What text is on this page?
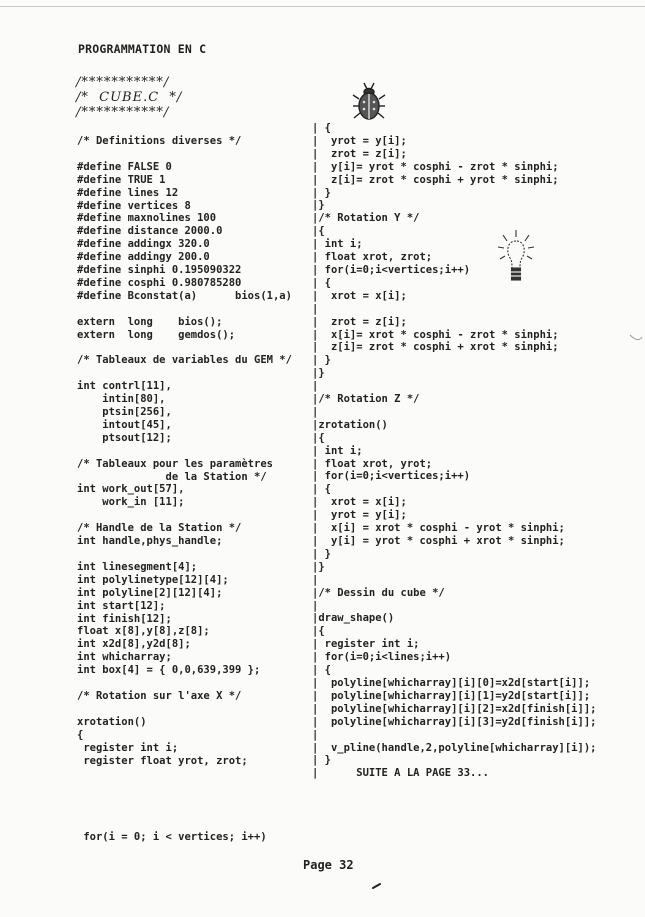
PROGRAMMATION EN C
/***********/
/*  CUBE.C  */
/***********/
/* Definitions diverses */

#define FALSE 0
#define TRUE 1
#define lines 12
#define vertices 8
#define maxnolines 100
#define distance 2000.0
#define addingx 320.0
#define addingy 200.0
#define sinphi 0.195090322
#define cosphi 0.980785280
#define Bconstat(a)      bios(1,a)

extern  long    bios();
extern  long    gemdos();

/* Tableaux de variables du GEM */

int contrl[11],
intin[80],
ptsin[256],
intout[45],
ptsout[12];

/* Tableaux pour les paramètres
de la Station */
int work_out[57],
work_in [11];

/* Handle de la Station */
int handle,phys_handle;

int linesegment[4];
int polylinetype[12][4];
int polyline[2][12][4];
int start[12];
int finish[12];
float x[8],y[8],z[8];
int x2d[8],y2d[8];
int whicharray;
int box[4] = { 0,0,639,399 };

/* Rotation sur l'axe X */

xrotation()
{
register int i;
register float yrot, zrot;
| {
|  yrot = y[i];
|  zrot = z[i];
|  y[i]= yrot * cosphi - zrot * sinphi;
|  z[i]= zrot * cosphi + yrot * sinphi;
| }
|}
|/* Rotation Y */
|{
| int i;
| float xrot, zrot;
| for(i=0;i<vertices;i++)
| {
|  xrot = x[i];
|
|  zrot = z[i];
|  x[i]= xrot * cosphi - zrot * sinphi;
|  z[i]= zrot * cosphi + xrot * sinphi;
| }
|}
|
|/* Rotation Z */
|
|zrotation()
|{
| int i;
| float xrot, yrot;
| for(i=0;i<vertices;i++)
| {
|  xrot = x[i];
|  yrot = y[i];
|  x[i] = xrot * cosphi - yrot * sinphi;
|  y[i] = yrot * cosphi + xrot * sinphi;
| }
|}
|
|/* Dessin du cube */
|
|draw_shape()
|{
| register int i;
| for(i=0;i<lines;i++)
| {
|  polyline[whicharray][i][0]=x2d[start[i]];
|  polyline[whicharray][i][1]=y2d[start[i]];
|  polyline[whicharray][i][2]=x2d[finish[i]];
|  polyline[whicharray][i][3]=y2d[finish[i]];
|
|  v_pline(handle,2,polyline[whicharray][i]);
| }
|      SUITE A LA PAGE 33...
for(i = 0; i < vertices; i++)
Page 32
